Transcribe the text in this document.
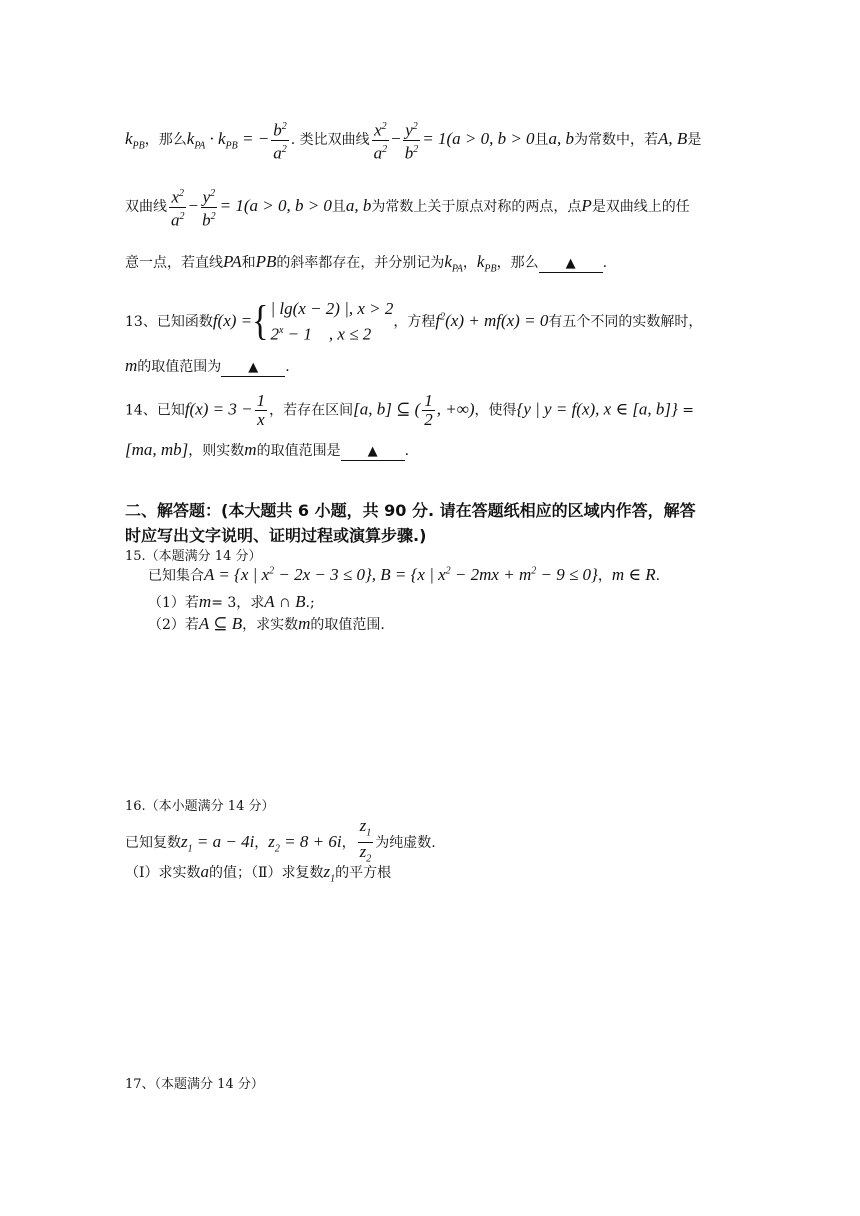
$k_{PB}$，那么$k_{PA} \cdot k_{PB}$ = − $\frac{b^2}{a^2}$ . 类比双曲线 $\frac{x^2}{a^2} - \frac{y^2}{b^2} = 1(a > 0$, b > 0且a, b为常数中，若A, B是
双曲线 $\frac{x^2}{a^2} - \frac{y^2}{b^2} = 1(a > 0$, b > 0且a, b为常数上关于原点对称的两点，点P是双曲线上的任
意一点，若直线PA和PB的斜率都存在，并分别记为$k_{PA}$，$k_{PB}$，那么 ▲ .
13、已知函数f(x) ={ | lg(x − 2) |, x > 2
$2^x - 1$    , x ≤ 2
，方程$f^2(x) + mf(x) = 0$有五个不同的实数解时，
m的取值范围为 ▲ .
14、已知$f(x) = 3 - \frac{1}{x}$ ，若存在区间[a, b] ⊆ ( $\frac{1}{2}$ , +∞)，使得{y | y = f(x), x ∈ [a, b]} =
[ma, mb]，则实数m的取值范围是 ▲ .
二、解答题：(本大题共 6 小题，共 90 分. 请在答题纸相应的区域内作答，解答
时应写出文字说明、证明过程或演算步骤.)
15.（本题满分 14 分）
已知集合A = {x | $x^2 - 2x - 3 \le 0$}, B = {x | $x^2 - 2mx + m^2 - 9 \le 0$}，m ∈ R.
（1）若m= 3，求A ∩ B.;
（2）若A ⊆ B，求实数m的取值范围.
16.（本小题满分 14 分）
已知复数$z_1 = a - 4i$，$z_2 = 8 + 6i$， $\frac{z_1}{z_2}$ 为纯虚数.
（Ⅰ）求实数a的值；（Ⅱ）求复数$z_1$的平方根
17、（本题满分 14 分）
